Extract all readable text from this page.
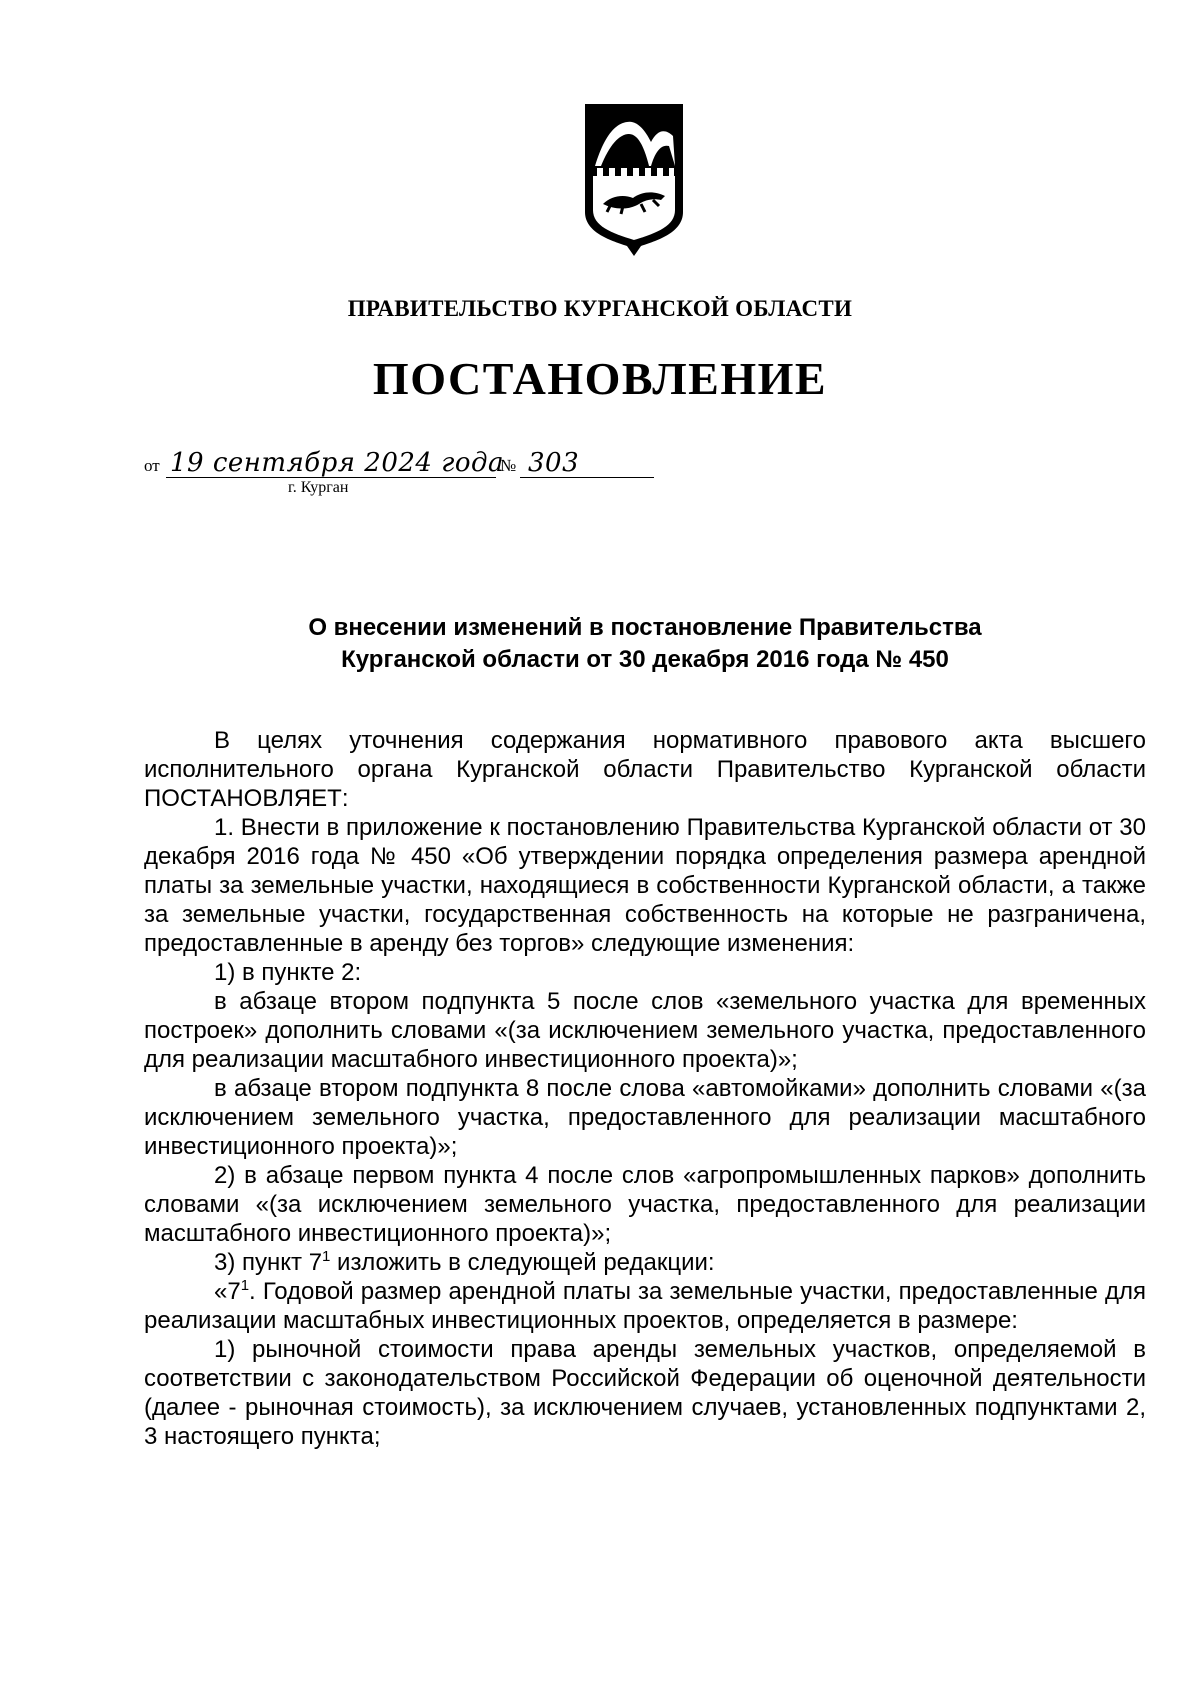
ПРАВИТЕЛЬСТВО КУРГАНСКОЙ ОБЛАСТИ
ПОСТАНОВЛЕНИЕ
от 19 сентября 2024 года
№ 303
г. Курган
О внесении изменений в постановление Правительства
Курганской области от 30 декабря 2016 года № 450

В целях уточнения содержания нормативного правового акта высшего исполнительного органа Курганской области Правительство Курганской области ПОСТАНОВЛЯЕТ:

1. Внести в приложение к постановлению Правительства Курганской области от 30 декабря 2016 года № 450 «Об утверждении порядка определения размера арендной платы за земельные участки, находящиеся в собственности Курганской области, а также за земельные участки, государственная собственность на которые не разграничена, предоставленные в аренду без торгов» следующие изменения:

1) в пункте 2:

в абзаце втором подпункта 5 после слов «земельного участка для временных построек» дополнить словами «(за исключением земельного участка, предоставленного для реализации масштабного инвестиционного проекта)»;

в абзаце втором подпункта 8 после слова «автомойками» дополнить словами «(за исключением земельного участка, предоставленного для реализации масштабного инвестиционного проекта)»;

2) в абзаце первом пункта 4 после слов «агропромышленных парков» дополнить словами «(за исключением земельного участка, предоставленного для реализации масштабного инвестиционного проекта)»;

3) пункт $7^1$ изложить в следующей редакции:

«$7^1$. Годовой размер арендной платы за земельные участки, предоставленные для реализации масштабных инвестиционных проектов, определяется в размере:

1) рыночной стоимости права аренды земельных участков, определяемой в соответствии с законодательством Российской Федерации об оценочной деятельности (далее - рыночная стоимость), за исключением случаев, установленных подпунктами 2, 3 настоящего пункта;
